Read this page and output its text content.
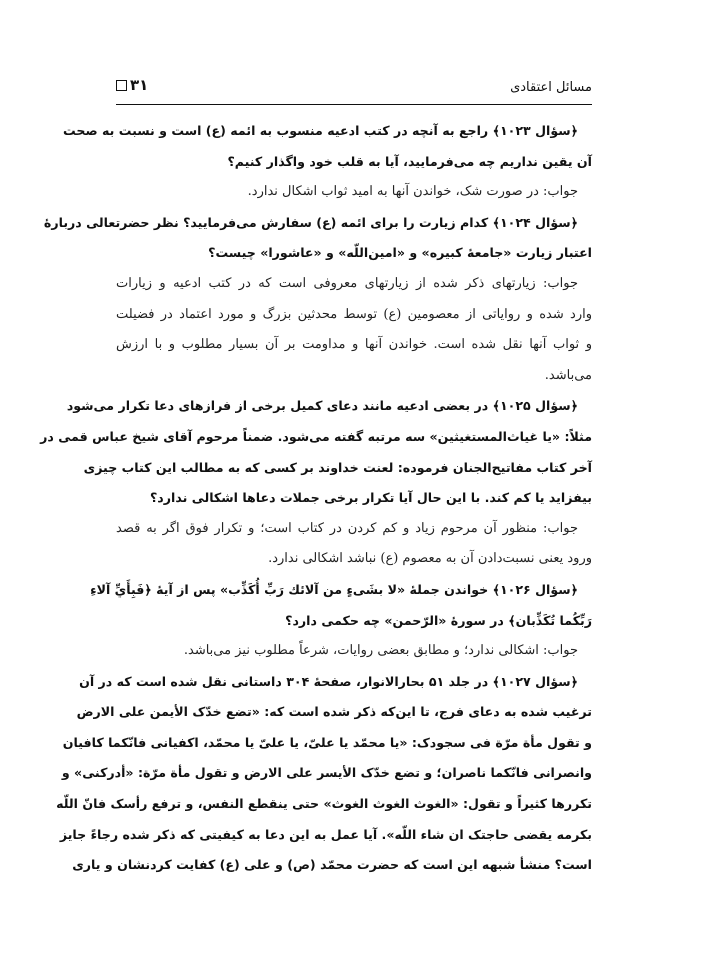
مسائل اعتقادی
۳۱
﴿سؤال ۱۰۲۳﴾ راجع به آنچه در کتب ادعیه منسوب به ائمه (ع) است و نسبت به صحت
آن یقین نداریم چه می‌فرمایید، آیا به قلب خود واگذار کنیم؟
جواب: در صورت شک، خواندن آنها به امید ثواب اشکال ندارد.
﴿سؤال ۱۰۲۴﴾ کدام زیارت را برای ائمه (ع) سفارش می‌فرمایید؟ نظر حضرتعالی دربارۀ
اعتبار زیارت «جامعۀ کبیره» و «امین‌اللّه» و «عاشورا» چیست؟
جواب: زیارتهای ذکر شده از زیارتهای معروفی است که در کتب ادعیه و زیارات
وارد شده و روایاتی از معصومین (ع) توسط محدثین بزرگ و مورد اعتماد در فضیلت
و ثواب آنها نقل شده است. خواندن آنها و مداومت بر آن بسیار مطلوب و با ارزش
می‌باشد.
﴿سؤال ۱۰۲۵﴾ در بعضی ادعیه مانند دعای کمیل برخی از فرازهای دعا تکرار می‌شود
مثلاً: «یا غیاث‌المستغیثین» سه مرتبه گفته می‌شود. ضمناً مرحوم آقای شیخ عباس قمی در
آخر کتاب مفاتیح‌الجنان فرموده: لعنت خداوند بر کسی که به مطالب این کتاب چیزی
بیفزاید یا کم کند. با این حال آیا تکرار برخی جملات دعاها اشکالی ندارد؟
جواب: منظور آن مرحوم زیاد و کم کردن در کتاب است؛ و تکرار فوق اگر به قصد
ورود یعنی نسبت‌دادن آن به معصوم (ع) نباشد اشکالی ندارد.
﴿سؤال ۱۰۲۶﴾ خواندن جملۀ «لا بشَیءٍ من آلائك رَبِّ أُكَذِّب» پس از آیۀ ﴿فَبِأَيِّ آلاءِ
رَبِّكُما تُكَذِّبان﴾ در سورۀ «الرّحمن» چه حکمی دارد؟
جواب: اشکالی ندارد؛ و مطابق بعضی روایات، شرعاً مطلوب نیز می‌باشد.
﴿سؤال ۱۰۲۷﴾ در جلد ۵۱ بحارالانوار، صفحۀ ۳۰۴ داستانی نقل شده است که در آن
ترغیب شده به دعای فرج، تا این‌که ذکر شده است که: «تضع خدّک الأیمن علی الارض
و تقول مأة مرّة فی سجودک: «یا محمّد یا علیّ، یا علیّ یا محمّد، اکفیانی فانّکما کافیان
وانصرانی فانّکما ناصران؛ و تضع خدّک الأیسر علی الارض و تقول مأة مرّة: «أدرکنی» و
تکررها کثیراً و تقول: «الغوث الغوث الغوث» حتی ینقطع النفس، و ترفع رأسک فانّ اللّه
بکرمه یقضی حاجتک ان شاء اللّه». آیا عمل به این دعا به کیفیتی که ذکر شده رجاءً جایز
است؟ منشأ شبهه این است که حضرت محمّد (ص) و علی (ع) کفایت کردنشان و یاری
